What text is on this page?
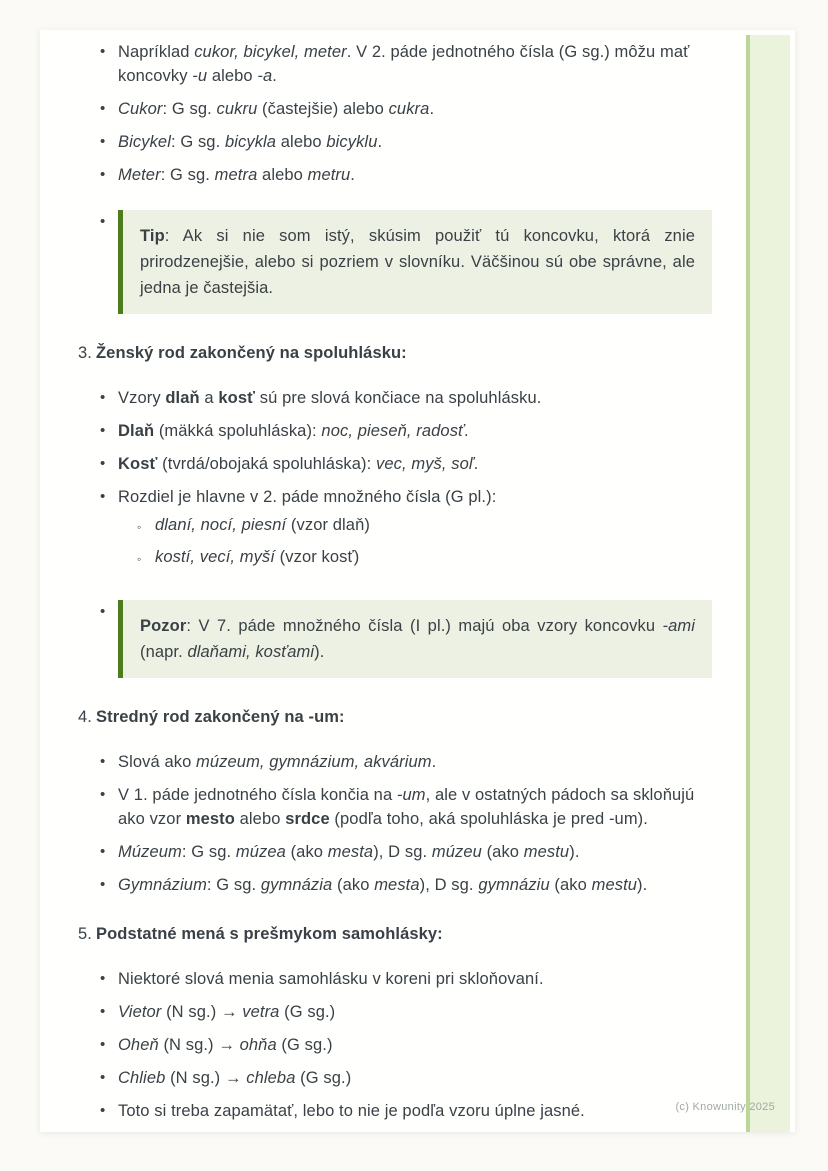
• Napríklad cukor, bicykel, meter. V 2. páde jednotného čísla (G sg.) môžu mať koncovky -u alebo -a.
• Cukor: G sg. cukru (častejšie) alebo cukra.
• Bicykel: G sg. bicykla alebo bicyklu.
• Meter: G sg. metra alebo metru.
•
Tip: Ak si nie som istý, skúsim použiť tú koncovku, ktorá znie prirodzenejšie, alebo si pozriem v slovníku. Väčšinou sú obe správne, ale jedna je častejšia.
3. Ženský rod zakončený na spoluhlásku:
• Vzory dlaň a kosť sú pre slová končiace na spoluhlásku.
• Dlaň (mäkká spoluhláska): noc, pieseň, radosť.
• Kosť (tvrdá/obojaká spoluhláska): vec, myš, soľ.
• Rozdiel je hlavne v 2. páde množného čísla (G pl.):
◦ dlaní, nocí, piesní (vzor dlaň)
◦ kostí, vecí, myší (vzor kosť)
•
Pozor: V 7. páde množného čísla (I pl.) majú oba vzory koncovku -ami (napr. dlaňami, kosťami).
4. Stredný rod zakončený na -um:
• Slová ako múzeum, gymnázium, akvárium.
• V 1. páde jednotného čísla končia na -um, ale v ostatných pádoch sa skloňujú ako vzor mesto alebo srdce (podľa toho, aká spoluhláska je pred -um).
• Múzeum: G sg. múzea (ako mesta), D sg. múzeu (ako mestu).
• Gymnázium: G sg. gymnázia (ako mesta), D sg. gymnáziu (ako mestu).
5. Podstatné mená s prešmykom samohlásky:
• Niektoré slová menia samohlásku v koreni pri skloňovaní.
• Vietor (N sg.) → vetra (G sg.)
• Oheň (N sg.) → ohňa (G sg.)
• Chlieb (N sg.) → chleba (G sg.)
• Toto si treba zapamätať, lebo to nie je podľa vzoru úplne jasné.	(c) Knowunity 2025
